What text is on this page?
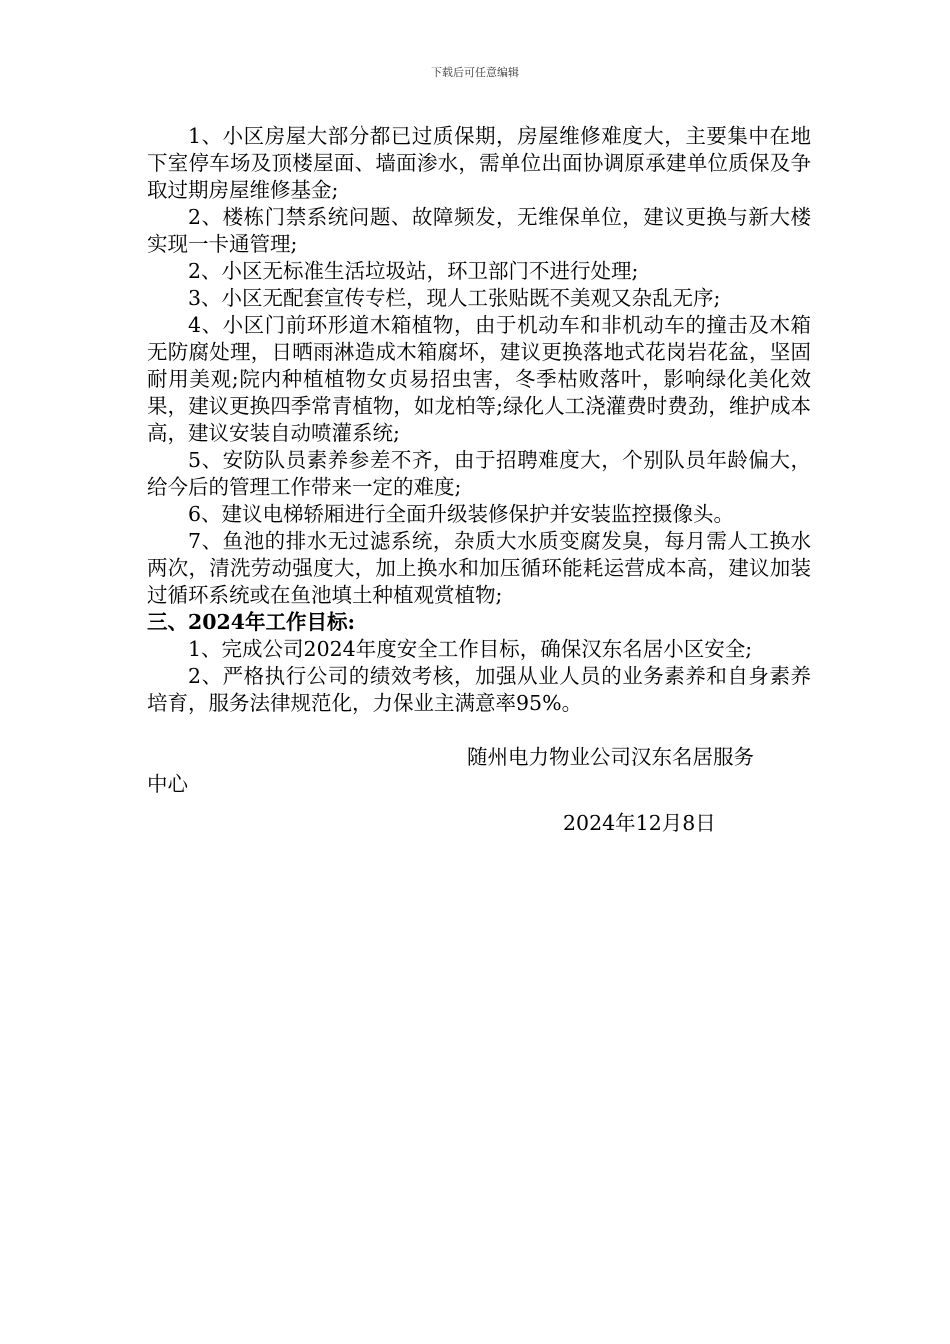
下载后可任意编辑

1、小区房屋大部分都已过质保期，房屋维修难度大，主要集中在地下室停车场及顶楼屋面、墙面渗水，需单位出面协调原承建单位质保及争取过期房屋维修基金;

2、楼栋门禁系统问题、故障频发，无维保单位，建议更换与新大楼实现一卡通管理;

2、小区无标准生活垃圾站，环卫部门不进行处理;

3、小区无配套宣传专栏，现人工张贴既不美观又杂乱无序;

4、小区门前环形道木箱植物，由于机动车和非机动车的撞击及木箱无防腐处理，日晒雨淋造成木箱腐坏，建议更换落地式花岗岩花盆，坚固耐用美观;院内种植植物女贞易招虫害，冬季枯败落叶，影响绿化美化效果，建议更换四季常青植物，如龙柏等;绿化人工浇灌费时费劲，维护成本高，建议安装自动喷灌系统;

5、安防队员素养参差不齐，由于招聘难度大，个别队员年龄偏大，给今后的管理工作带来一定的难度;

6、建议电梯轿厢进行全面升级装修保护并安装监控摄像头。

7、鱼池的排水无过滤系统，杂质大水质变腐发臭，每月需人工换水两次，清洗劳动强度大，加上换水和加压循环能耗运营成本高，建议加装过循环系统或在鱼池填土种植观赏植物;

三、2024年工作目标:

1、完成公司2024年度安全工作目标，确保汉东名居小区安全;

2、严格执行公司的绩效考核，加强从业人员的业务素养和自身素养培育，服务法律规范化，力保业主满意率95%。

随州电力物业公司汉东名居服务

中心

2024年12月8日
